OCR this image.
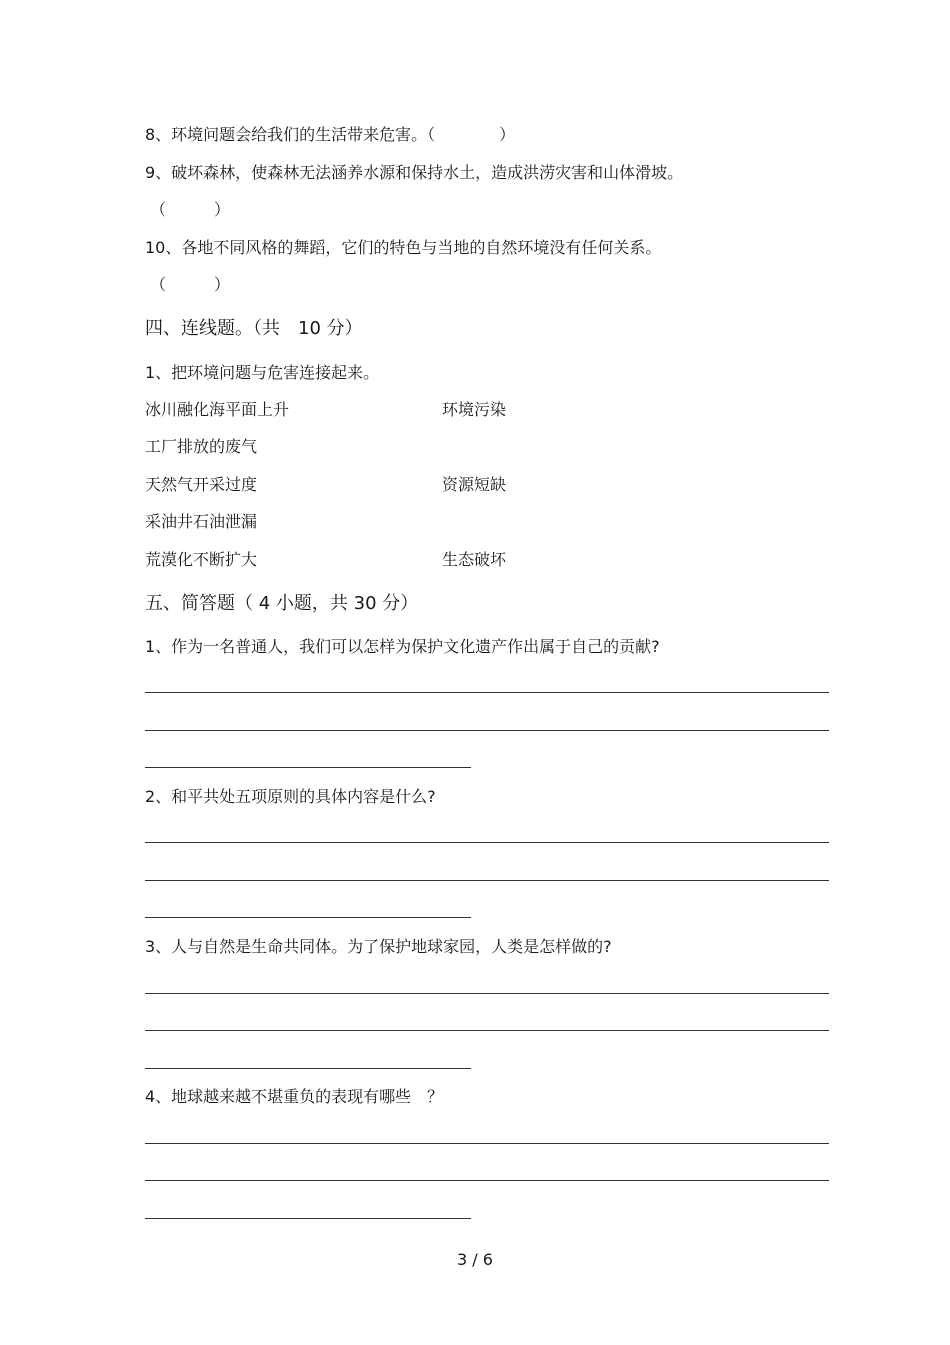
8、环境问题会给我们的生活带来危害。（　　　　）
9、破坏森林，使森林无法涵养水源和保持水土，造成洪涝灾害和山体滑坡。
（　　　）
10、各地不同风格的舞蹈，它们的特色与当地的自然环境没有任何关系。
（　　　）
四、连线题。（共　10 分）
1、把环境问题与危害连接起来。
冰川融化海平面上升
工厂排放的废气
天然气开采过度
采油井石油泄漏
荒漠化不断扩大
环境污染
资源短缺
生态破坏
五、简答题（ 4 小题，共 30 分）
1、作为一名普通人，我们可以怎样为保护文化遗产作出属于自己的贡献?
2、和平共处五项原则的具体内容是什么?
3、人与自然是生命共同体。为了保护地球家园，人类是怎样做的?
4、地球越来越不堪重负的表现有哪些　？
3 / 6
